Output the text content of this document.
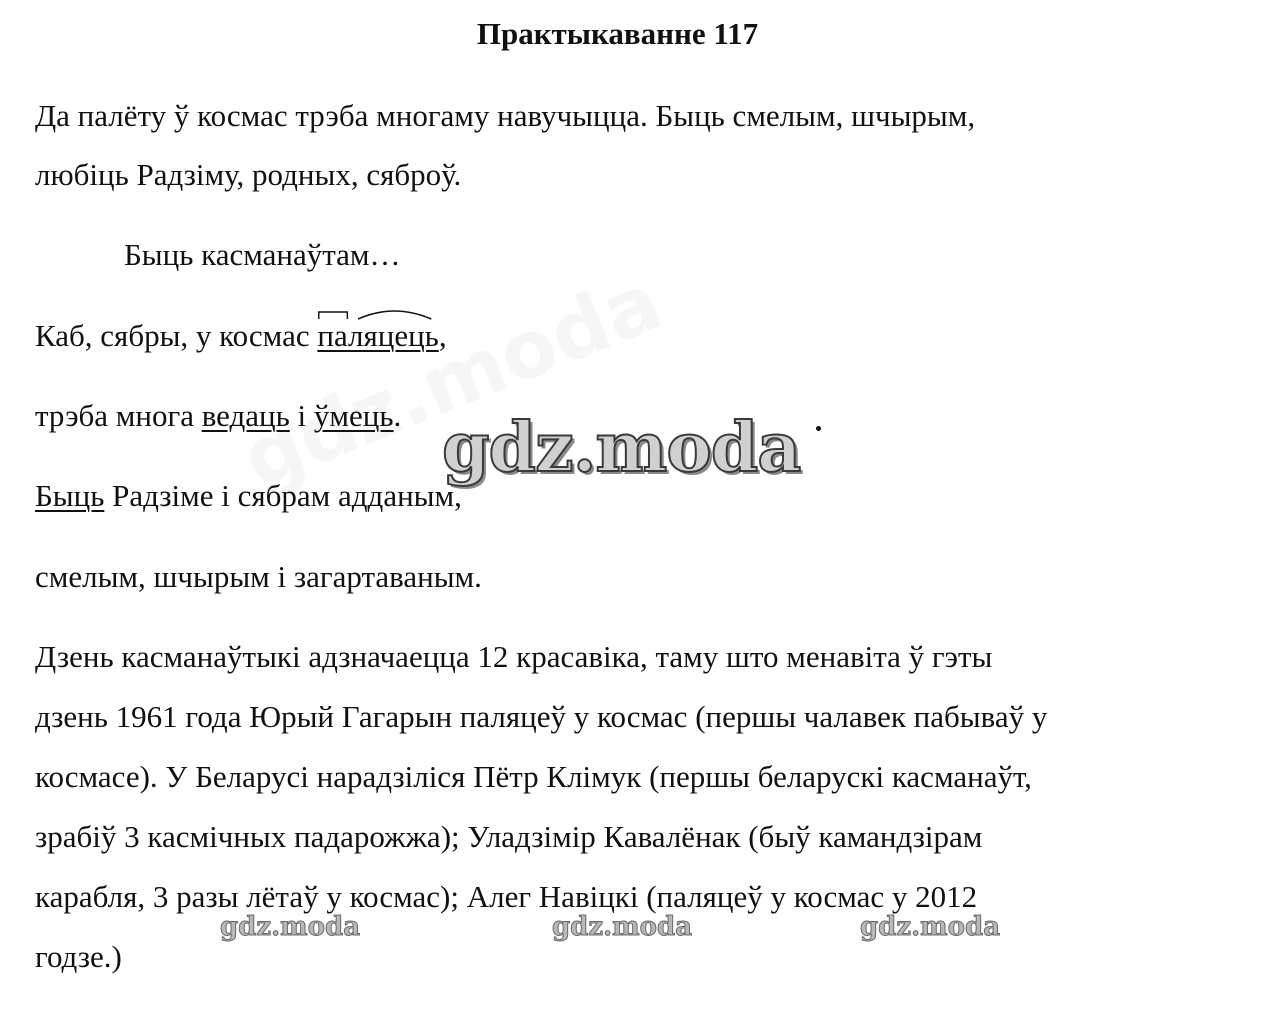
Практыкаванне 117
Да палёту ў космас трэба многаму навучыцца. Быць смелым, шчырым,
любіць Радзіму, родных, сяброў.
Быць касманаўтам…
Каб, сябры, у космас
паляцець,
трэба многа ведаць і ўмець.
Быць Радзіме і сябрам адданым,
смелым, шчырым і загартаваным.
Дзень касманаўтыкі адзначаецца 12 красавіка, таму што менавіта ў гэты
дзень 1961 года Юрый Гагарын паляцеў у космас (першы чалавек пабываў у
космасе). У Беларусі нарадзіліся Пётр Клімук (першы беларускі касманаўт,
зрабіў 3 касмічных падарожжа); Уладзімір Кавалёнак (быў камандзірам
карабля, 3 разы лётаў у космас); Алег Навіцкі (паляцеў у космас у 2012
годзе.)
gdz.moda
gdz.moda	gdz.moda	gdz.moda
